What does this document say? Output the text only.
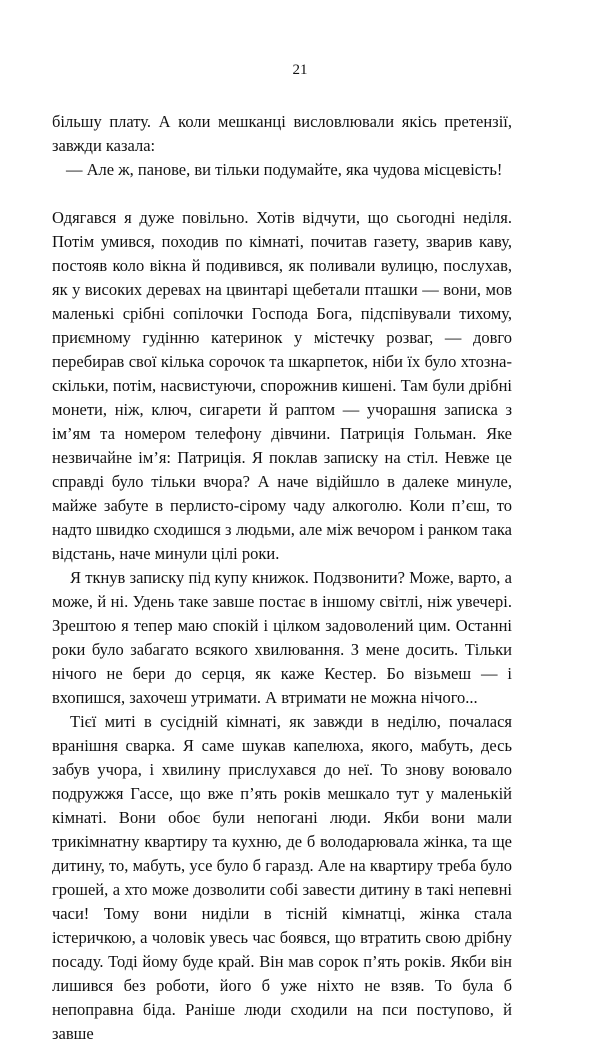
21

більшу плату. А коли мешканці висловлювали якісь претензії, завжди казала:

— Але ж, панове, ви тільки подумайте, яка чудова місцевість!

Одягався я дуже повільно. Хотів відчути, що сьогодні неділя. Потім умився, походив по кімнаті, почитав газету, зварив каву, постояв коло вікна й подивився, як поливали вулицю, послухав, як у високих деревах на цвинтарі щебетали пташки — вони, мов маленькі срібні сопілочки Господа Бога, підспівували тихому, приємному гудінню катеринок у містечку розваг, — довго перебирав свої кілька сорочок та шкарпеток, ніби їх було хтозна-скільки, потім, насвистуючи, спорожнив кишені. Там були дрібні монети, ніж, ключ, сигарети й раптом — учорашня записка з ім’ям та номером телефону дівчини. Патриція Гольман. Яке незвичайне ім’я: Патриція. Я поклав записку на стіл. Невже це справді було тільки вчора? А наче відійшло в далеке минуле, майже забуте в перлисто-сірому чаду алкоголю. Коли п’єш, то надто швидко сходишся з людьми, але між вечором і ранком така відстань, наче минули цілі роки.

Я ткнув записку під купу книжок. Подзвонити? Може, варто, а може, й ні. Удень таке завше постає в іншому світлі, ніж увечері. Зрештою я тепер маю спокій і цілком задоволений цим. Останні роки було забагато всякого хвилювання. З мене досить. Тільки нічого не бери до серця, як каже Кестер. Бо візьмеш — і вхопишся, захочеш утримати. А втримати не можна нічого...

Тієї миті в сусідній кімнаті, як завжди в неділю, почалася вранішня сварка. Я саме шукав капелюха, якого, мабуть, десь забув учора, і хвилину прислухався до неї. То знову воювало подружжя Гассе, що вже п’ять років мешкало тут у маленькій кімнаті. Вони обоє були непогані люди. Якби вони мали трикімнатну квартиру та кухню, де б володарювала жінка, та ще дитину, то, мабуть, усе було б гаразд. Але на квартиру треба було грошей, а хто може дозволити собі завести дитину в такі непевні часи! Тому вони ниділи в тісній кімнатці, жінка стала істеричкою, а чоловік увесь час боявся, що втратить свою дрібну посаду. Тоді йому буде край. Він мав сорок п’ять років. Якби він лишився без роботи, його б уже ніхто не взяв. То була б непоправна біда. Раніше люди сходили на пси поступово, й завше
